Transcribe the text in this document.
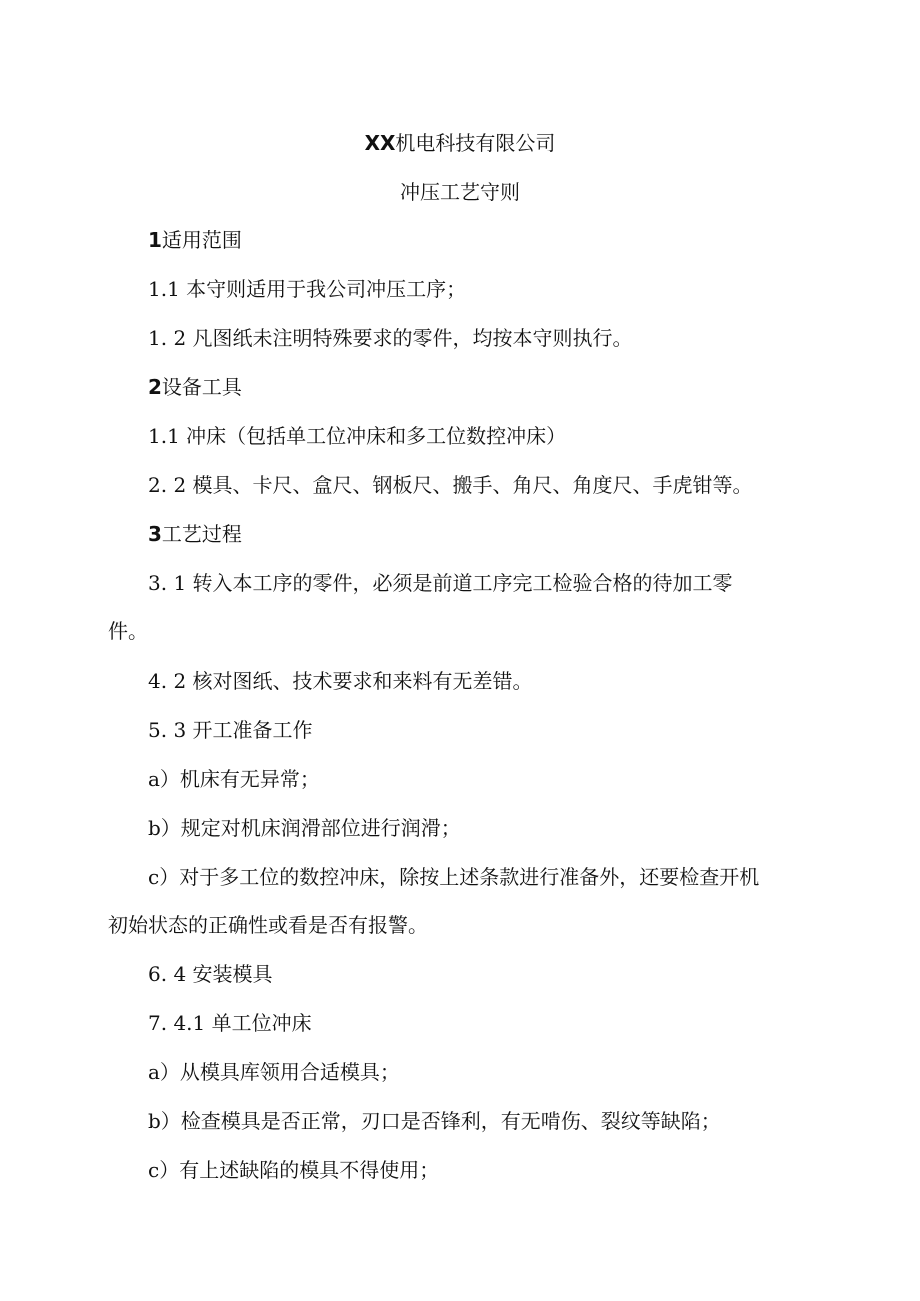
XX机电科技有限公司
冲压工艺守则
1适用范围
1.1 本守则适用于我公司冲压工序；
1. 2 凡图纸未注明特殊要求的零件，均按本守则执行。
2设备工具
1.1 冲床（包括单工位冲床和多工位数控冲床）
2. 2 模具、卡尺、盒尺、钢板尺、搬手、角尺、角度尺、手虎钳等。
3工艺过程
3. 1 转入本工序的零件，必须是前道工序完工检验合格的待加工零
件。
4. 2 核对图纸、技术要求和来料有无差错。
5. 3 开工准备工作
a）机床有无异常；
b）规定对机床润滑部位进行润滑；
c）对于多工位的数控冲床，除按上述条款进行准备外，还要检查开机
初始状态的正确性或看是否有报警。
6. 4 安装模具
7. 4.1 单工位冲床
a）从模具库领用合适模具；
b）检查模具是否正常，刃口是否锋利，有无啃伤、裂纹等缺陷；
c）有上述缺陷的模具不得使用；
